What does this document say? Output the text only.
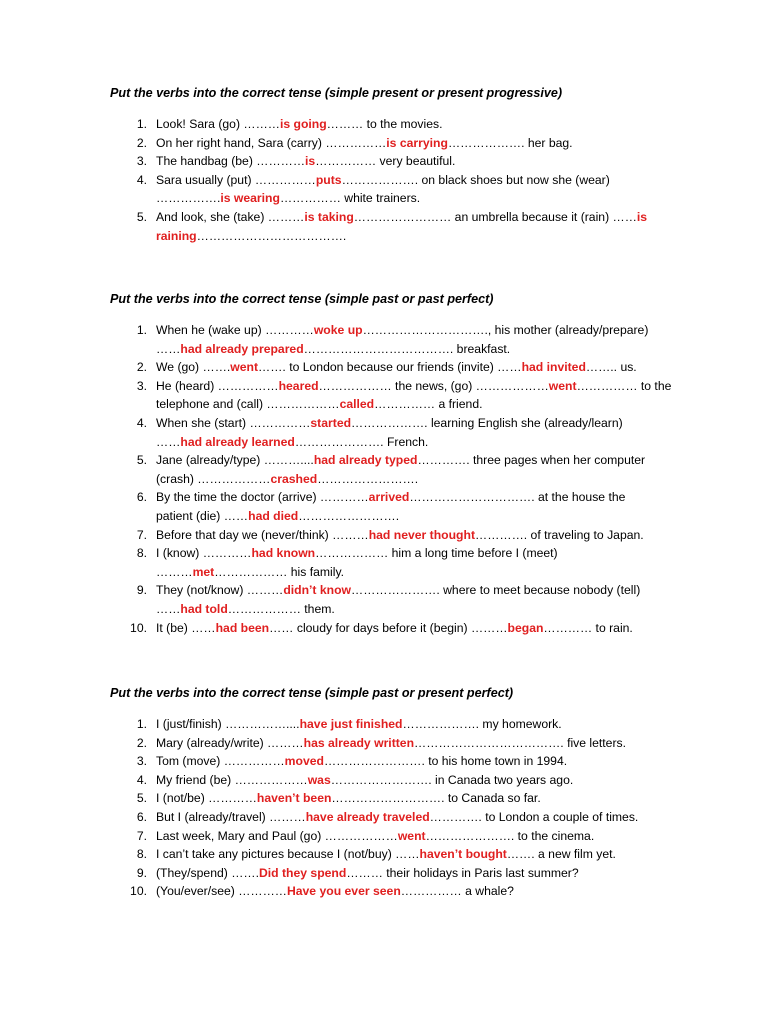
Put the verbs into the correct tense (simple present or present progressive)
1. Look! Sara (go) ………is going……… to the movies.
2. On her right hand, Sara (carry) ……………is carrying………………. her bag.
3. The handbag (be) …………is…………… very beautiful.
4. Sara usually (put) ……………puts………………. on black shoes but now she (wear)
…………….is wearing…………… white trainers.
5. And look, she (take) ………is taking…………………… an umbrella because it (rain) ……is
raining……………………………….
Put the verbs into the correct tense (simple past or past perfect)
1. When he (wake up) …………woke up…………………………., his mother (already/prepare)
……had already prepared………………………………. breakfast.
2. We (go) …….went……. to London because our friends (invite) ……had invited…….. us.
3. He (heard) ……………heared……………… the news, (go) ………………went…………… to the
telephone and (call) ………………called…………… a friend.
4. When she (start) ……………started………………. learning English she (already/learn)
……had already learned…………………. French.
5. Jane (already/type) ………....had already typed…………. three pages when her computer
(crash) ………………crashed…………………….
6. By the time the doctor (arrive) …………arrived…………………………. at the house the
patient (die) ……had died…………………….
7. Before that day we (never/think) ………had never thought…………. of traveling to Japan.
8. I (know) …………had known……………… him a long time before I (meet)
………met……………… his family.
9. They (not/know) ………didn’t know…………………. where to meet because nobody (tell)
……had told……………… them.
10. It (be) ……had been…… cloudy for days before it (begin) ………began………… to rain.
Put the verbs into the correct tense (simple past or present perfect)
1. I (just/finish) ……………....have just finished………………. my homework.
2. Mary (already/write) ………has already written………………………………. five letters.
3. Tom (move) ……………moved……………………. to his home town in 1994.
4. My friend (be) ………………was……………………. in Canada two years ago.
5. I (not/be) …………haven’t been………………………. to Canada so far.
6. But I (already/travel) ………have already traveled…………. to London a couple of times.
7. Last week, Mary and Paul (go) ………………went…………………. to the cinema.
8. I can’t take any pictures because I (not/buy) ……haven’t bought……. a new film yet.
9. (They/spend) …….Did they spend……… their holidays in Paris last summer?
10. (You/ever/see) …………Have you ever seen…………… a whale?
